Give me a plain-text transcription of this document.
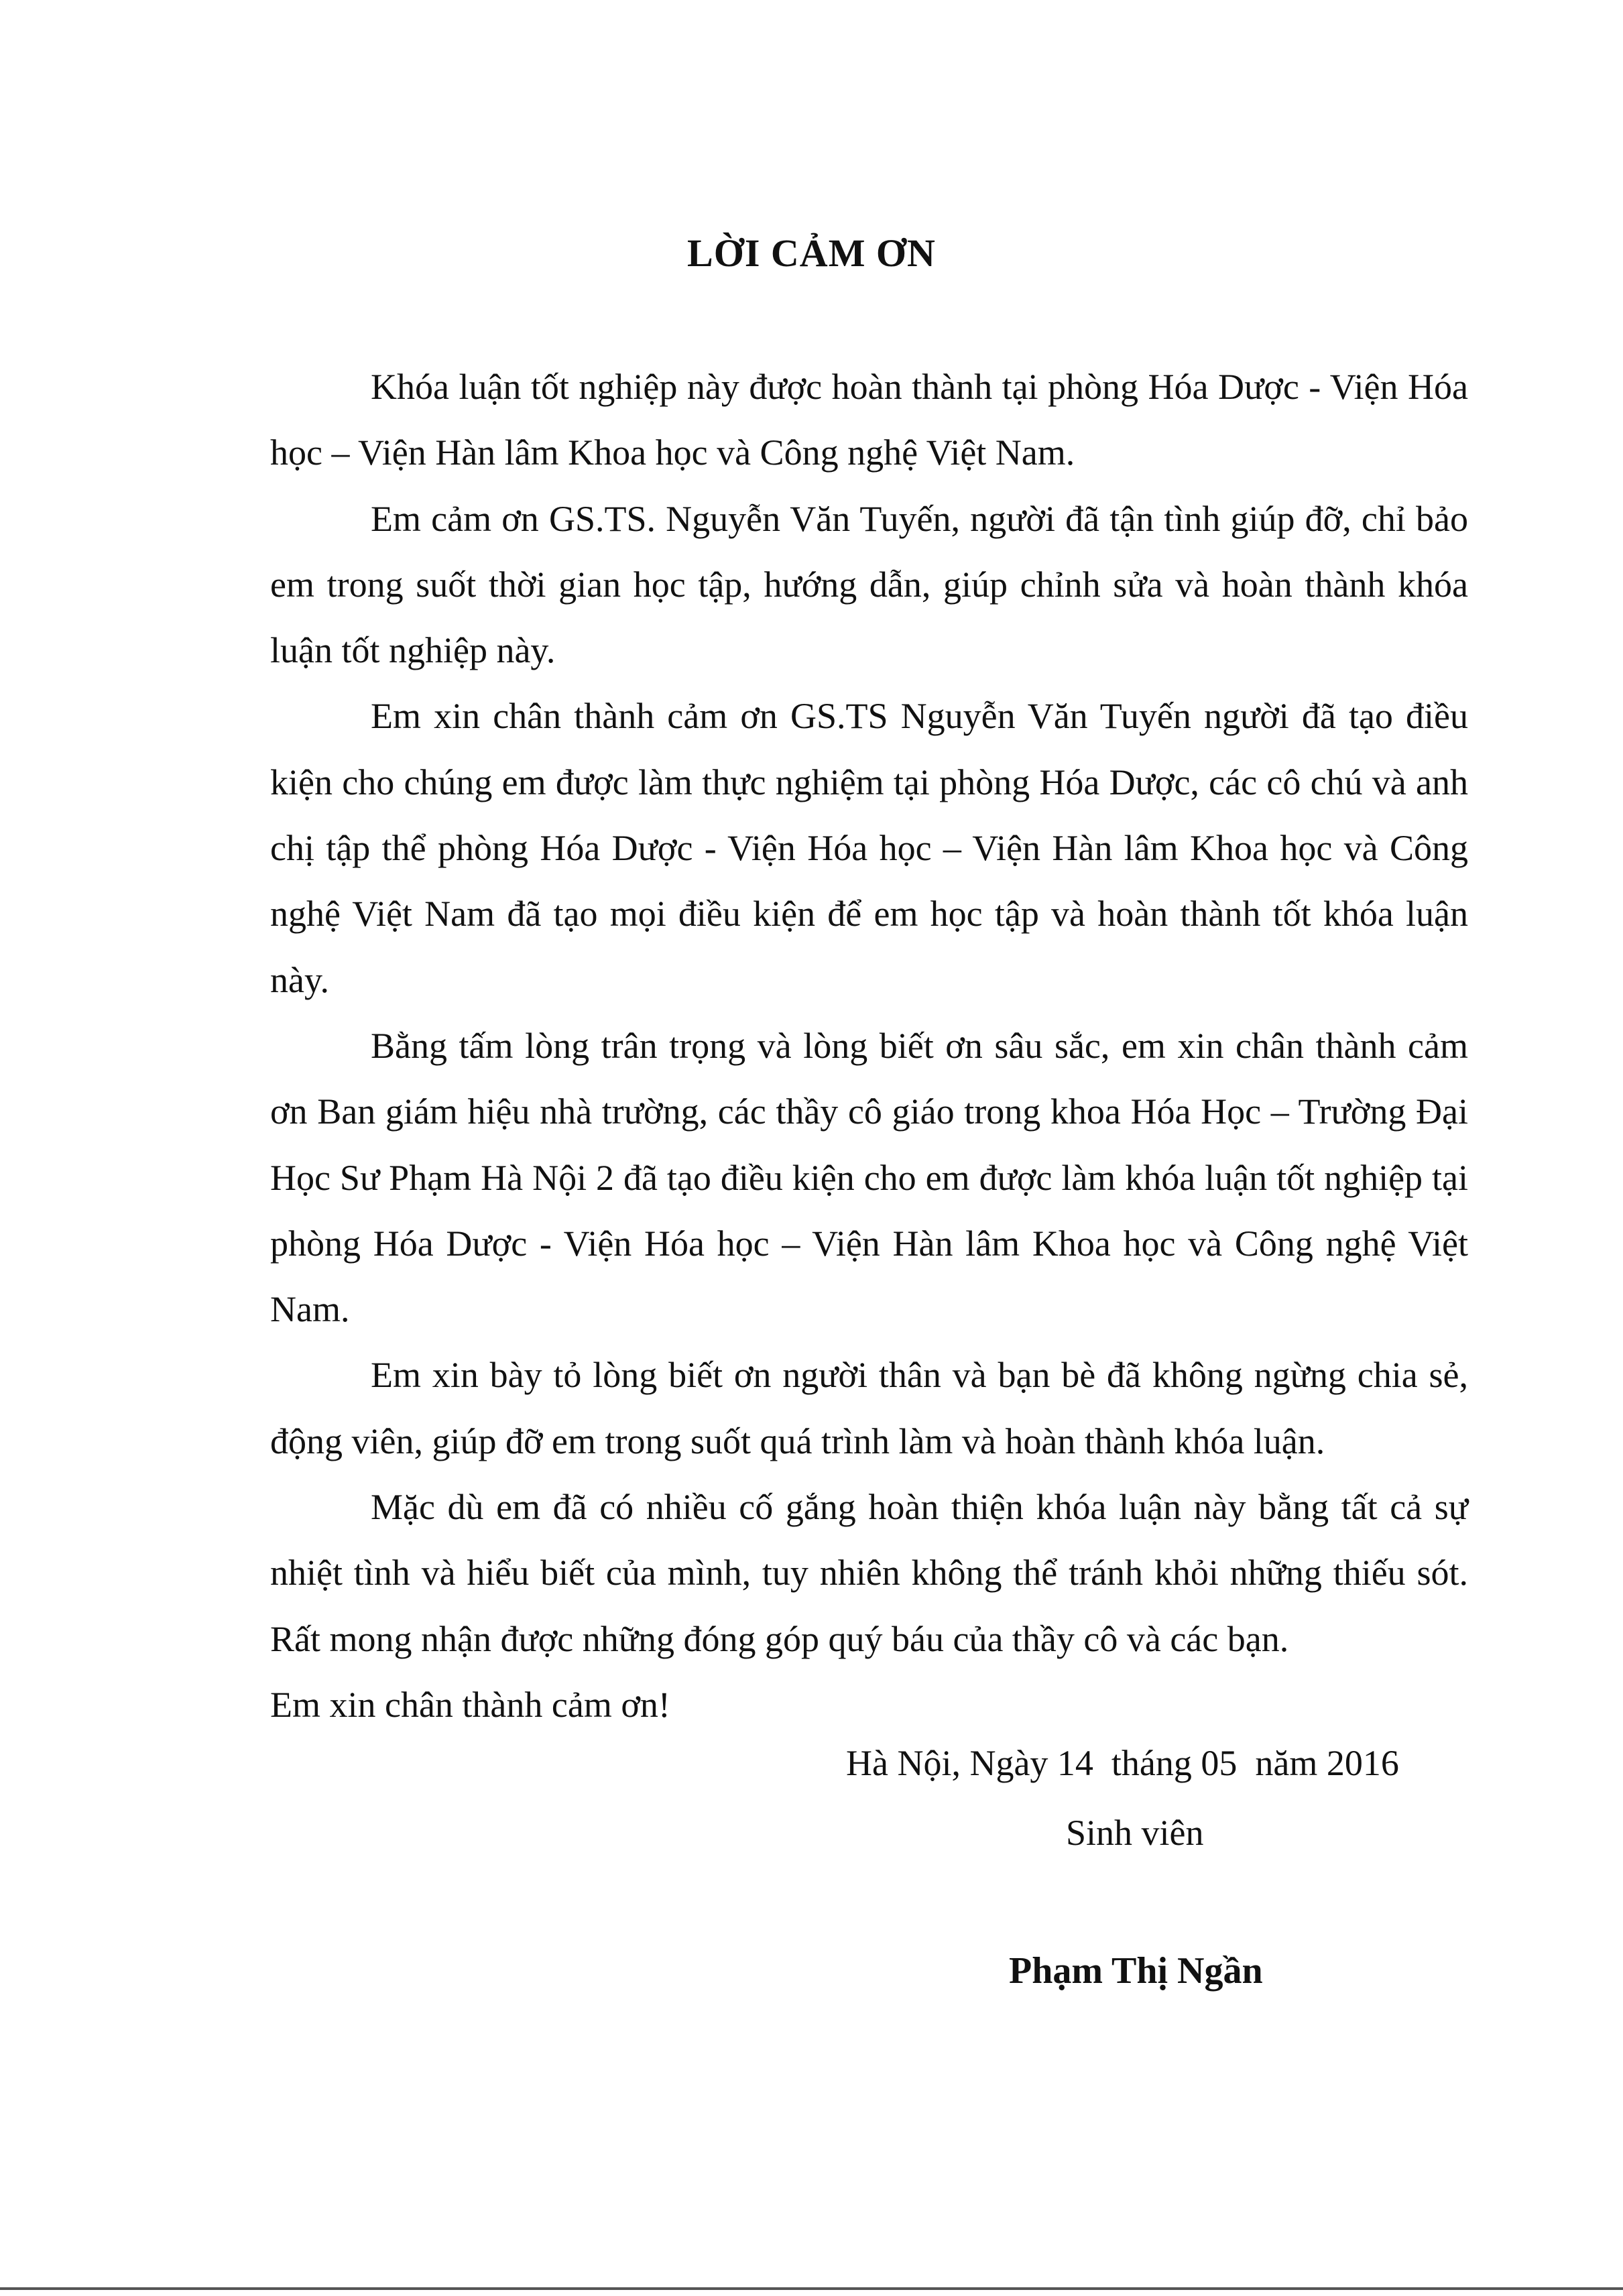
LỜI CẢM ƠN

Khóa luận tốt nghiệp này được hoàn thành tại phòng Hóa Dược - Viện Hóa học – Viện Hàn lâm Khoa học và Công nghệ Việt Nam.

Em cảm ơn GS.TS. Nguyễn Văn Tuyến, người đã tận tình giúp đỡ, chỉ bảo em trong suốt thời gian học tập, hướng dẫn, giúp chỉnh sửa và hoàn thành khóa luận tốt nghiệp này.

Em xin chân thành cảm ơn GS.TS Nguyễn Văn Tuyến người đã tạo điều kiện cho chúng em được làm thực nghiệm tại phòng Hóa Dược, các cô chú và anh chị tập thể phòng Hóa Dược - Viện Hóa học – Viện Hàn lâm Khoa học và Công nghệ Việt Nam đã tạo mọi điều kiện để em học tập và hoàn thành tốt khóa luận này.

Bằng tấm lòng trân trọng và lòng biết ơn sâu sắc, em xin chân thành cảm ơn Ban giám hiệu nhà trường, các thầy cô giáo trong khoa Hóa Học – Trường Đại Học Sư Phạm Hà Nội 2 đã tạo điều kiện cho em được làm khóa luận tốt nghiệp tại phòng Hóa Dược - Viện Hóa học – Viện Hàn lâm Khoa học và Công nghệ Việt Nam.

Em xin bày tỏ lòng biết ơn người thân và bạn bè đã không ngừng chia sẻ, động viên, giúp đỡ em trong suốt quá trình làm và hoàn thành khóa luận.

Mặc dù em đã có nhiều cố gắng hoàn thiện khóa luận này bằng tất cả sự nhiệt tình và hiểu biết của mình, tuy nhiên không thể tránh khỏi những thiếu sót. Rất mong nhận được những đóng góp quý báu của thầy cô và các bạn.

Em xin chân thành cảm ơn!

Hà Nội, Ngày 14  tháng 05  năm 2016
Sinh viên
Phạm Thị Ngần
